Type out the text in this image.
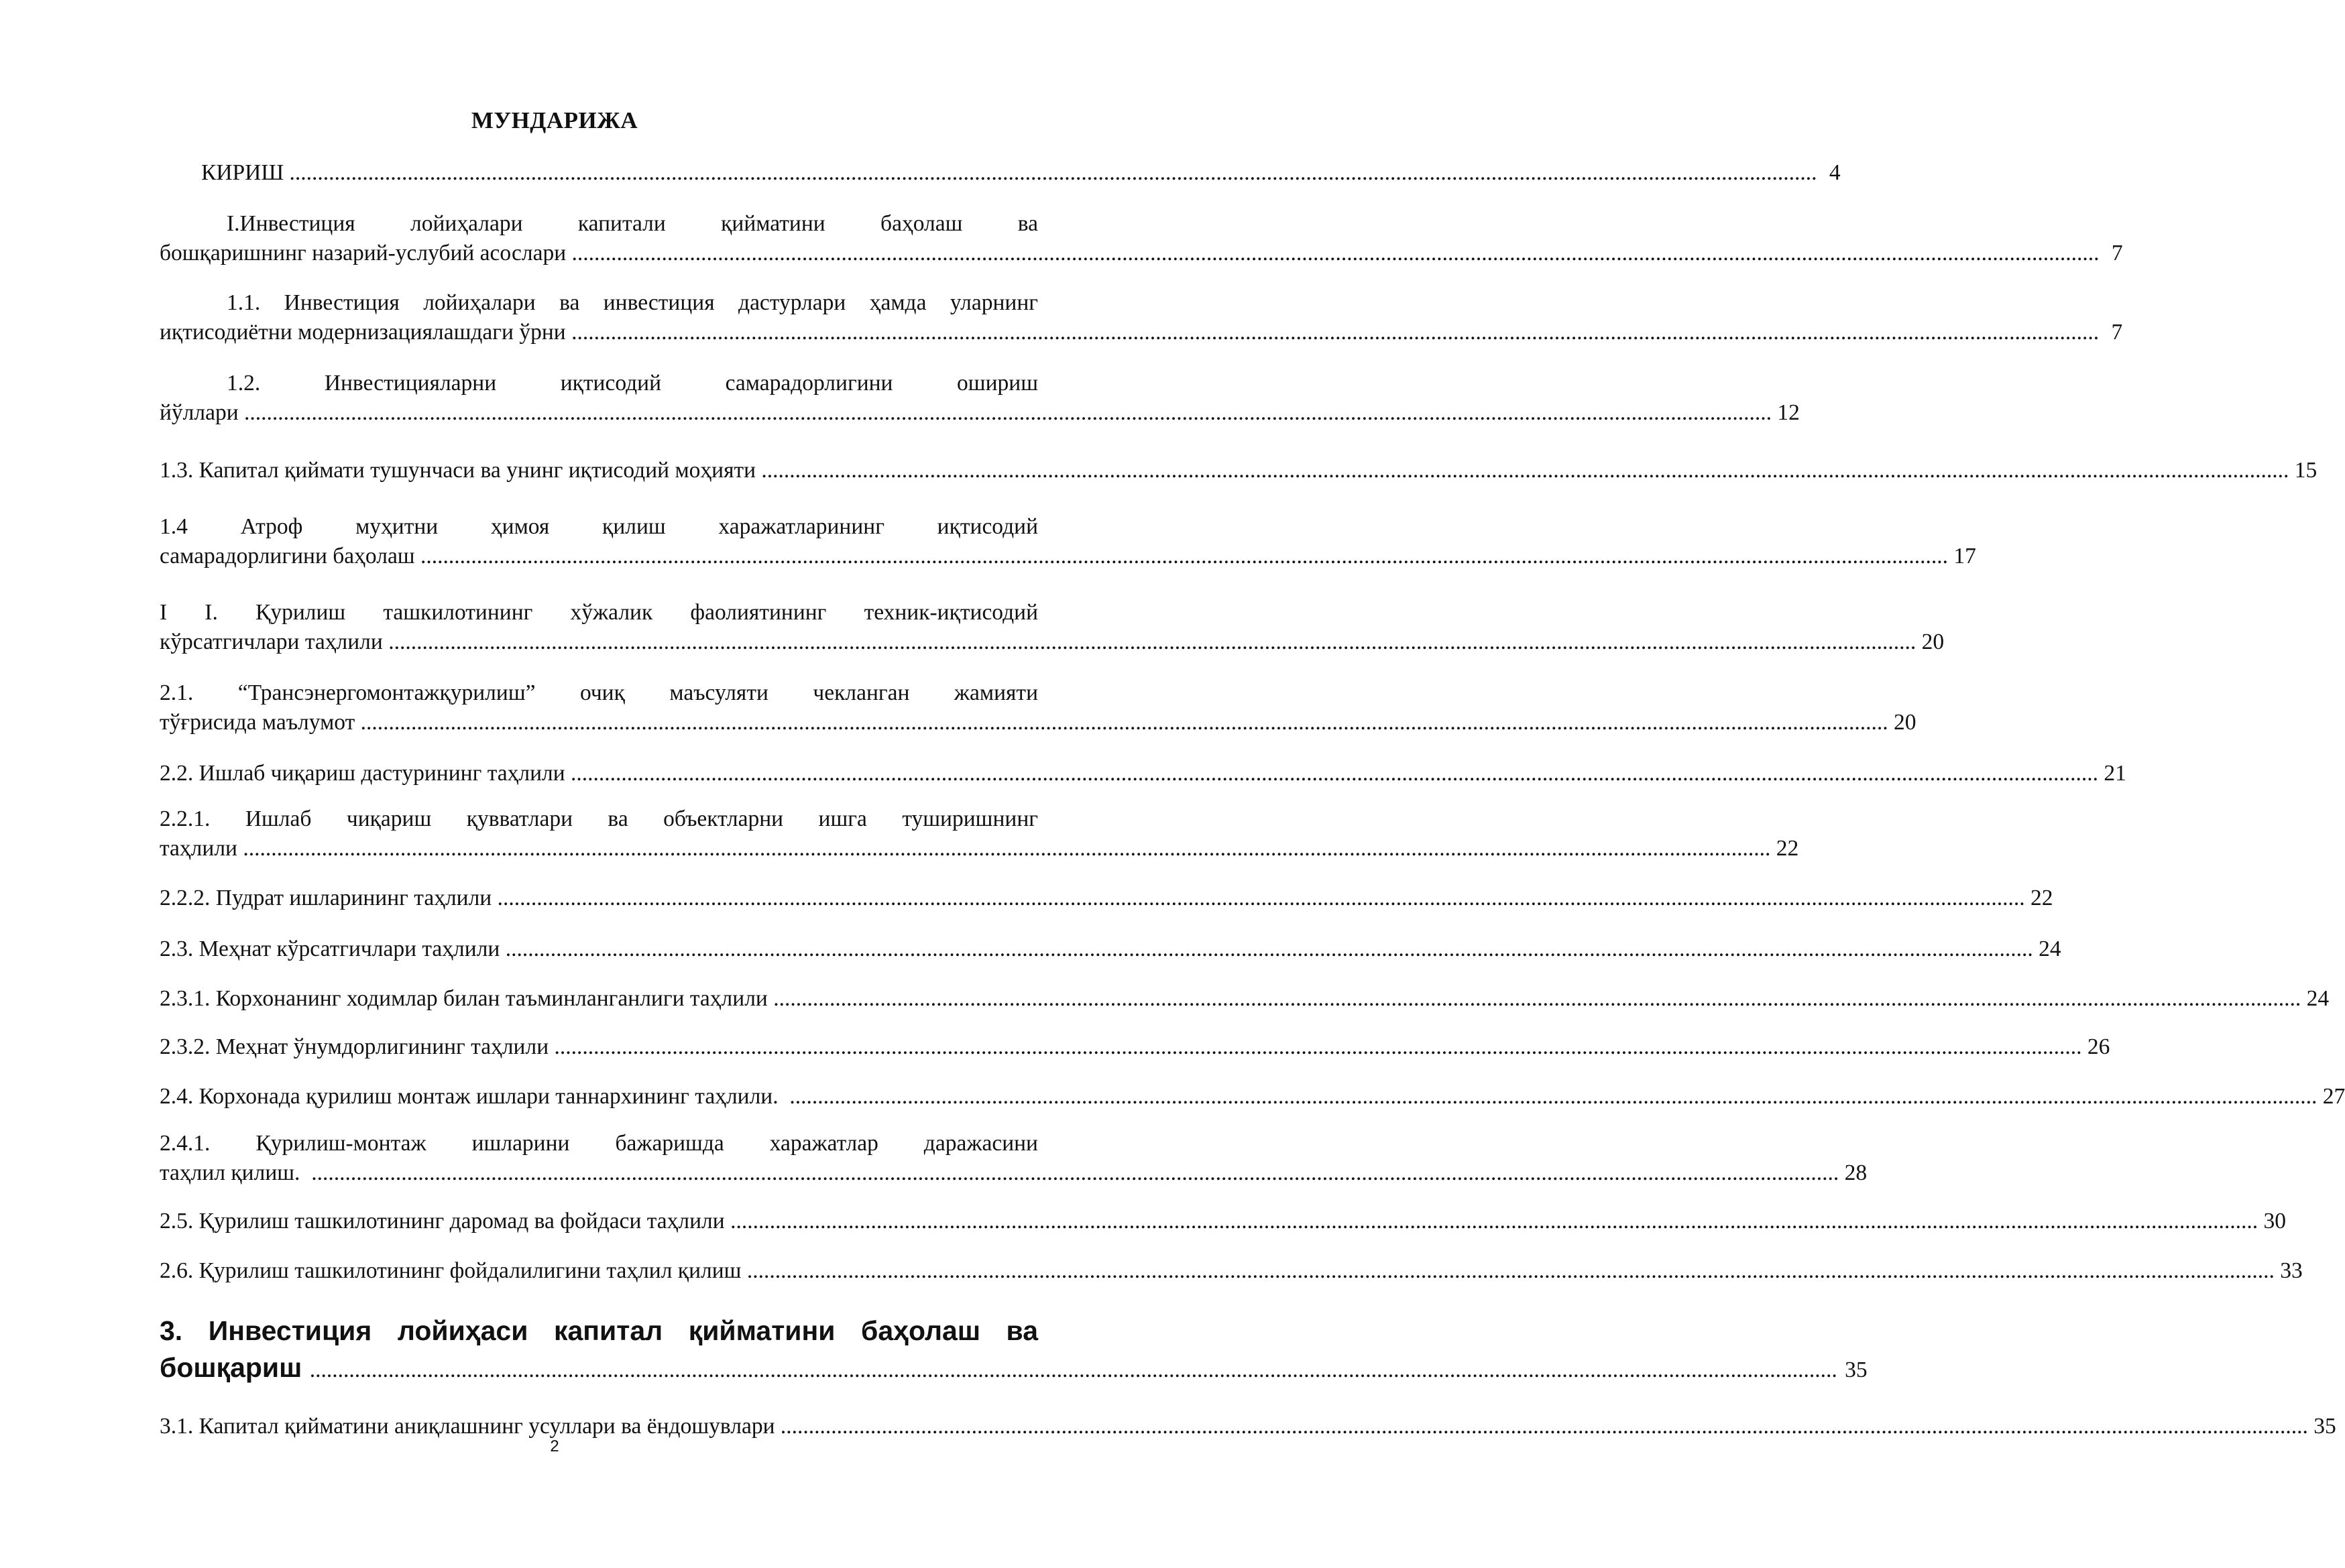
МУНДАРИЖА
КИРИШ .....	4
I.Инвестиция лойиҳалари капитали қийматини баҳолаш ва
бошқаришнинг назарий-услубий асослари .....	7
1.1. Инвестиция лойиҳалари ва инвестиция дастурлари ҳамда уларнинг
иқтисодиётни модернизациялашдаги ўрни .....	7
1.2. Инвестицияларни иқтисодий самарадорлигини ошириш
йўллари .....	12
1.3. Капитал қиймати тушунчаси ва унинг иқтисодий моҳияти .....	15
1.4 Атроф муҳитни ҳимоя қилиш харажатларининг иқтисодий
самарадорлигини баҳолаш .....	17
I I. Қурилиш ташкилотининг хўжалик фаолиятининг техник-иқтисодий
кўрсатгичлари таҳлили .....	20
2.1. “Трансэнергомонтажқурилиш” очиқ маъсуляти чекланган жамияти
тўғрисида маълумот .....	20
2.2. Ишлаб чиқариш дастурининг таҳлили .....	21
2.2.1. Ишлаб чиқариш қувватлари ва объектларни ишга туширишнинг
таҳлили .....	22
2.2.2. Пудрат ишларининг таҳлили .....	22
2.3. Меҳнат кўрсатгичлари таҳлили .....	24
2.3.1. Корхонанинг ходимлар билан таъминланганлиги таҳлили .....	24
2.3.2. Меҳнат ўнумдорлигининг таҳлили .....	26
2.4. Корхонада қурилиш монтаж ишлари таннархининг таҳлили. .....	27
2.4.1. Қурилиш-монтаж ишларини бажаришда харажатлар даражасини
таҳлил қилиш. .....	28
2.5. Қурилиш ташкилотининг даромад ва фойдаси таҳлили .....	30
2.6. Қурилиш ташкилотининг фойдалилигини таҳлил қилиш .....	33
3. Инвестиция лойиҳаси капитал қийматини баҳолаш ва
бошқариш .....	35
3.1. Капитал қийматини аниқлашнинг усуллари ва ёндошувлари .....	35
2
